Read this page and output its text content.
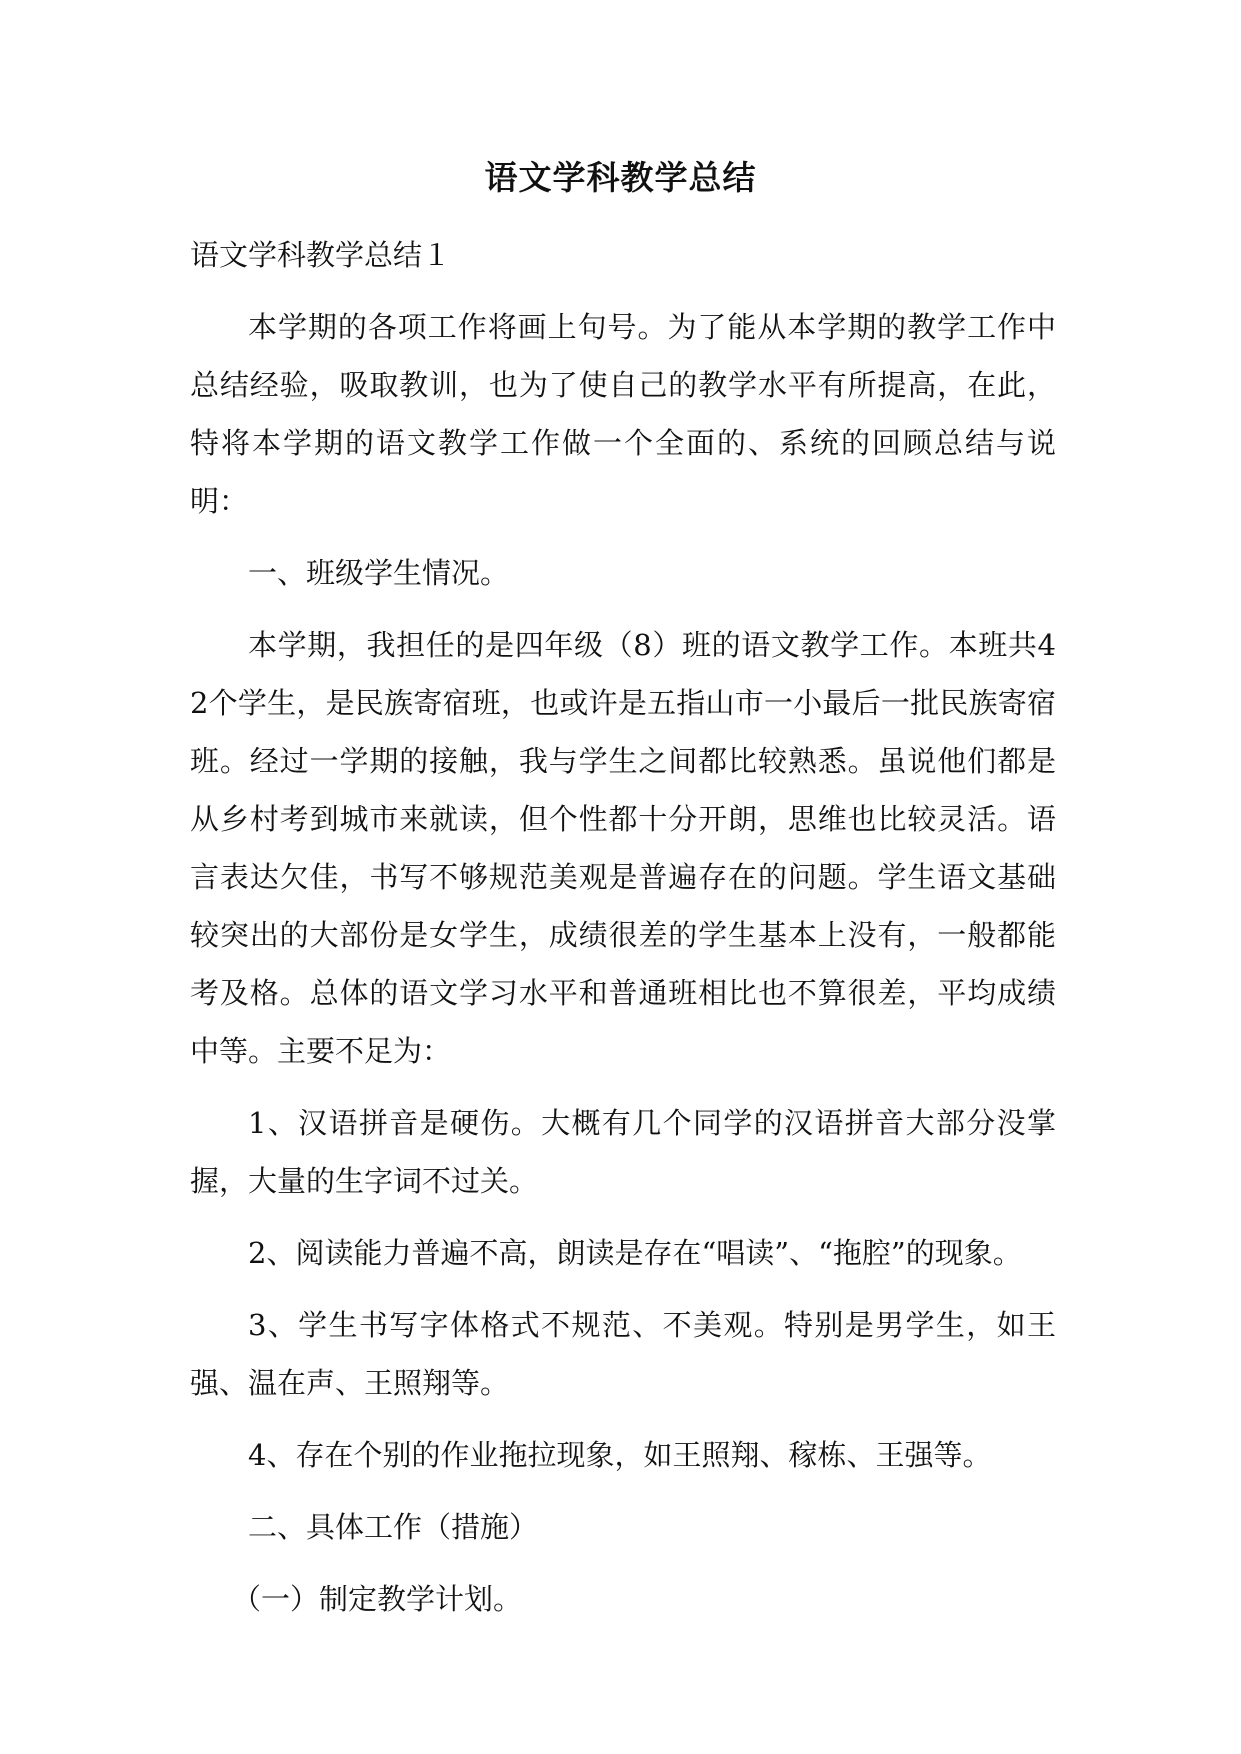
语文学科教学总结
语文学科教学总结１

本学期的各项工作将画上句号。为了能从本学期的教学工作中总结经验，吸取教训，也为了使自己的教学水平有所提高，在此，特将本学期的语文教学工作做一个全面的、系统的回顾总结与说明：

一、班级学生情况。

本学期，我担任的是四年级（8）班的语文教学工作。本班共42个学生，是民族寄宿班，也或许是五指山市一小最后一批民族寄宿班。经过一学期的接触，我与学生之间都比较熟悉。虽说他们都是从乡村考到城市来就读，但个性都十分开朗，思维也比较灵活。语言表达欠佳，书写不够规范美观是普遍存在的问题。学生语文基础较突出的大部份是女学生，成绩很差的学生基本上没有，一般都能考及格。总体的语文学习水平和普通班相比也不算很差，平均成绩中等。主要不足为：

1、汉语拼音是硬伤。大概有几个同学的汉语拼音大部分没掌握，大量的生字词不过关。

2、阅读能力普遍不高，朗读是存在“唱读”、“拖腔”的现象。

3、学生书写字体格式不规范、不美观。特别是男学生，如王强、温在声、王照翔等。

4、存在个别的作业拖拉现象，如王照翔、稼栋、王强等。

二、具体工作（措施）

（一）制定教学计划。
